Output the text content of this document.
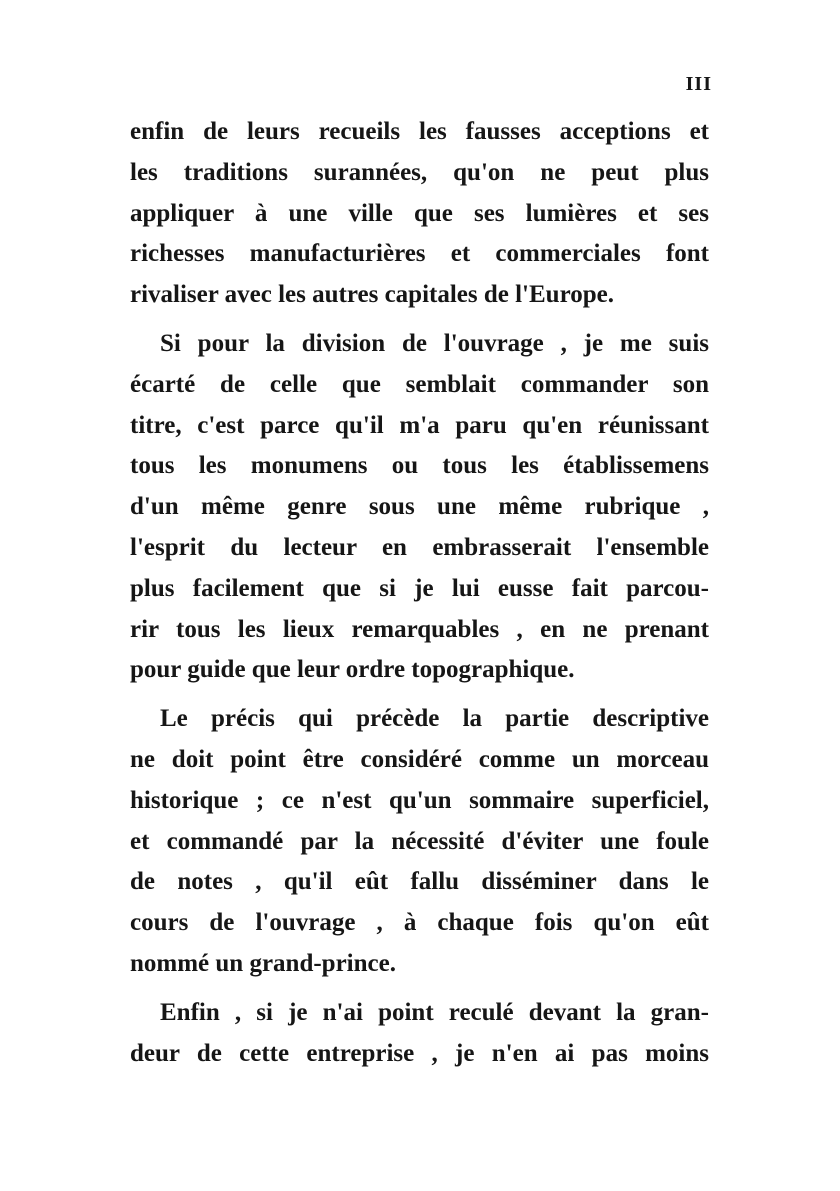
III

enfin de leurs recueils les fausses acceptions et
les traditions surannées, qu'on ne peut plus
appliquer à une ville que ses lumières et ses
richesses manufacturières et commerciales font
rivaliser avec les autres capitales de l'Europe.

Si pour la division de l'ouvrage , je me suis
écarté de celle que semblait commander son
titre, c'est parce qu'il m'a paru qu'en réunissant
tous les monumens ou tous les établissemens
d'un même genre sous une même rubrique ,
l'esprit du lecteur en embrasserait l'ensemble
plus facilement que si je lui eusse fait parcou-
rir tous les lieux remarquables , en ne prenant
pour guide que leur ordre topographique.

Le précis qui précède la partie descriptive
ne doit point être considéré comme un morceau
historique ; ce n'est qu'un sommaire superficiel,
et commandé par la nécessité d'éviter une foule
de notes , qu'il eût fallu disséminer dans le
cours de l'ouvrage , à chaque fois qu'on eût
nommé un grand-prince.

Enfin , si je n'ai point reculé devant la gran-
deur de cette entreprise , je n'en ai pas moins
